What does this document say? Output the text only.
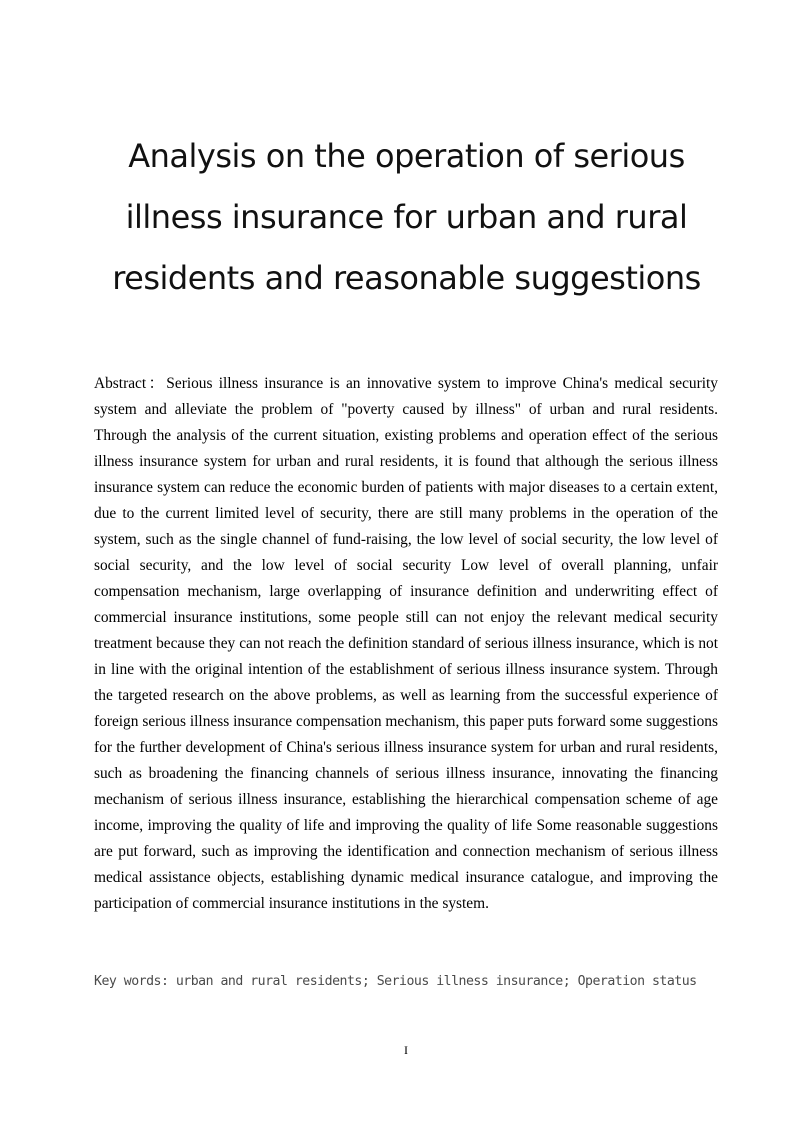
Analysis on the operation of serious
illness insurance for urban and rural
residents and reasonable suggestions

Abstract：Serious illness insurance is an innovative system to improve China's medical security system and alleviate the problem of "poverty caused by illness" of urban and rural residents. Through the analysis of the current situation, existing problems and operation effect of the serious illness insurance system for urban and rural residents, it is found that although the serious illness insurance system can reduce the economic burden of patients with major diseases to a certain extent, due to the current limited level of security, there are still many problems in the operation of the system, such as the single channel of fund-raising, the low level of social security, the low level of social security, and the low level of social security Low level of overall planning, unfair compensation mechanism, large overlapping of insurance definition and underwriting effect of commercial insurance institutions, some people still can not enjoy the relevant medical security treatment because they can not reach the definition standard of serious illness insurance, which is not in line with the original intention of the establishment of serious illness insurance system. Through the targeted research on the above problems, as well as learning from the successful experience of foreign serious illness insurance compensation mechanism, this paper puts forward some suggestions for the further development of China's serious illness insurance system for urban and rural residents, such as broadening the financing channels of serious illness insurance, innovating the financing mechanism of serious illness insurance, establishing the hierarchical compensation scheme of age income, improving the quality of life and improving the quality of life Some reasonable suggestions are put forward, such as improving the identification and connection mechanism of serious illness medical assistance objects, establishing dynamic medical insurance catalogue, and improving the participation of commercial insurance institutions in the system.

Key words: urban and rural residents; Serious illness insurance; Operation status

I
